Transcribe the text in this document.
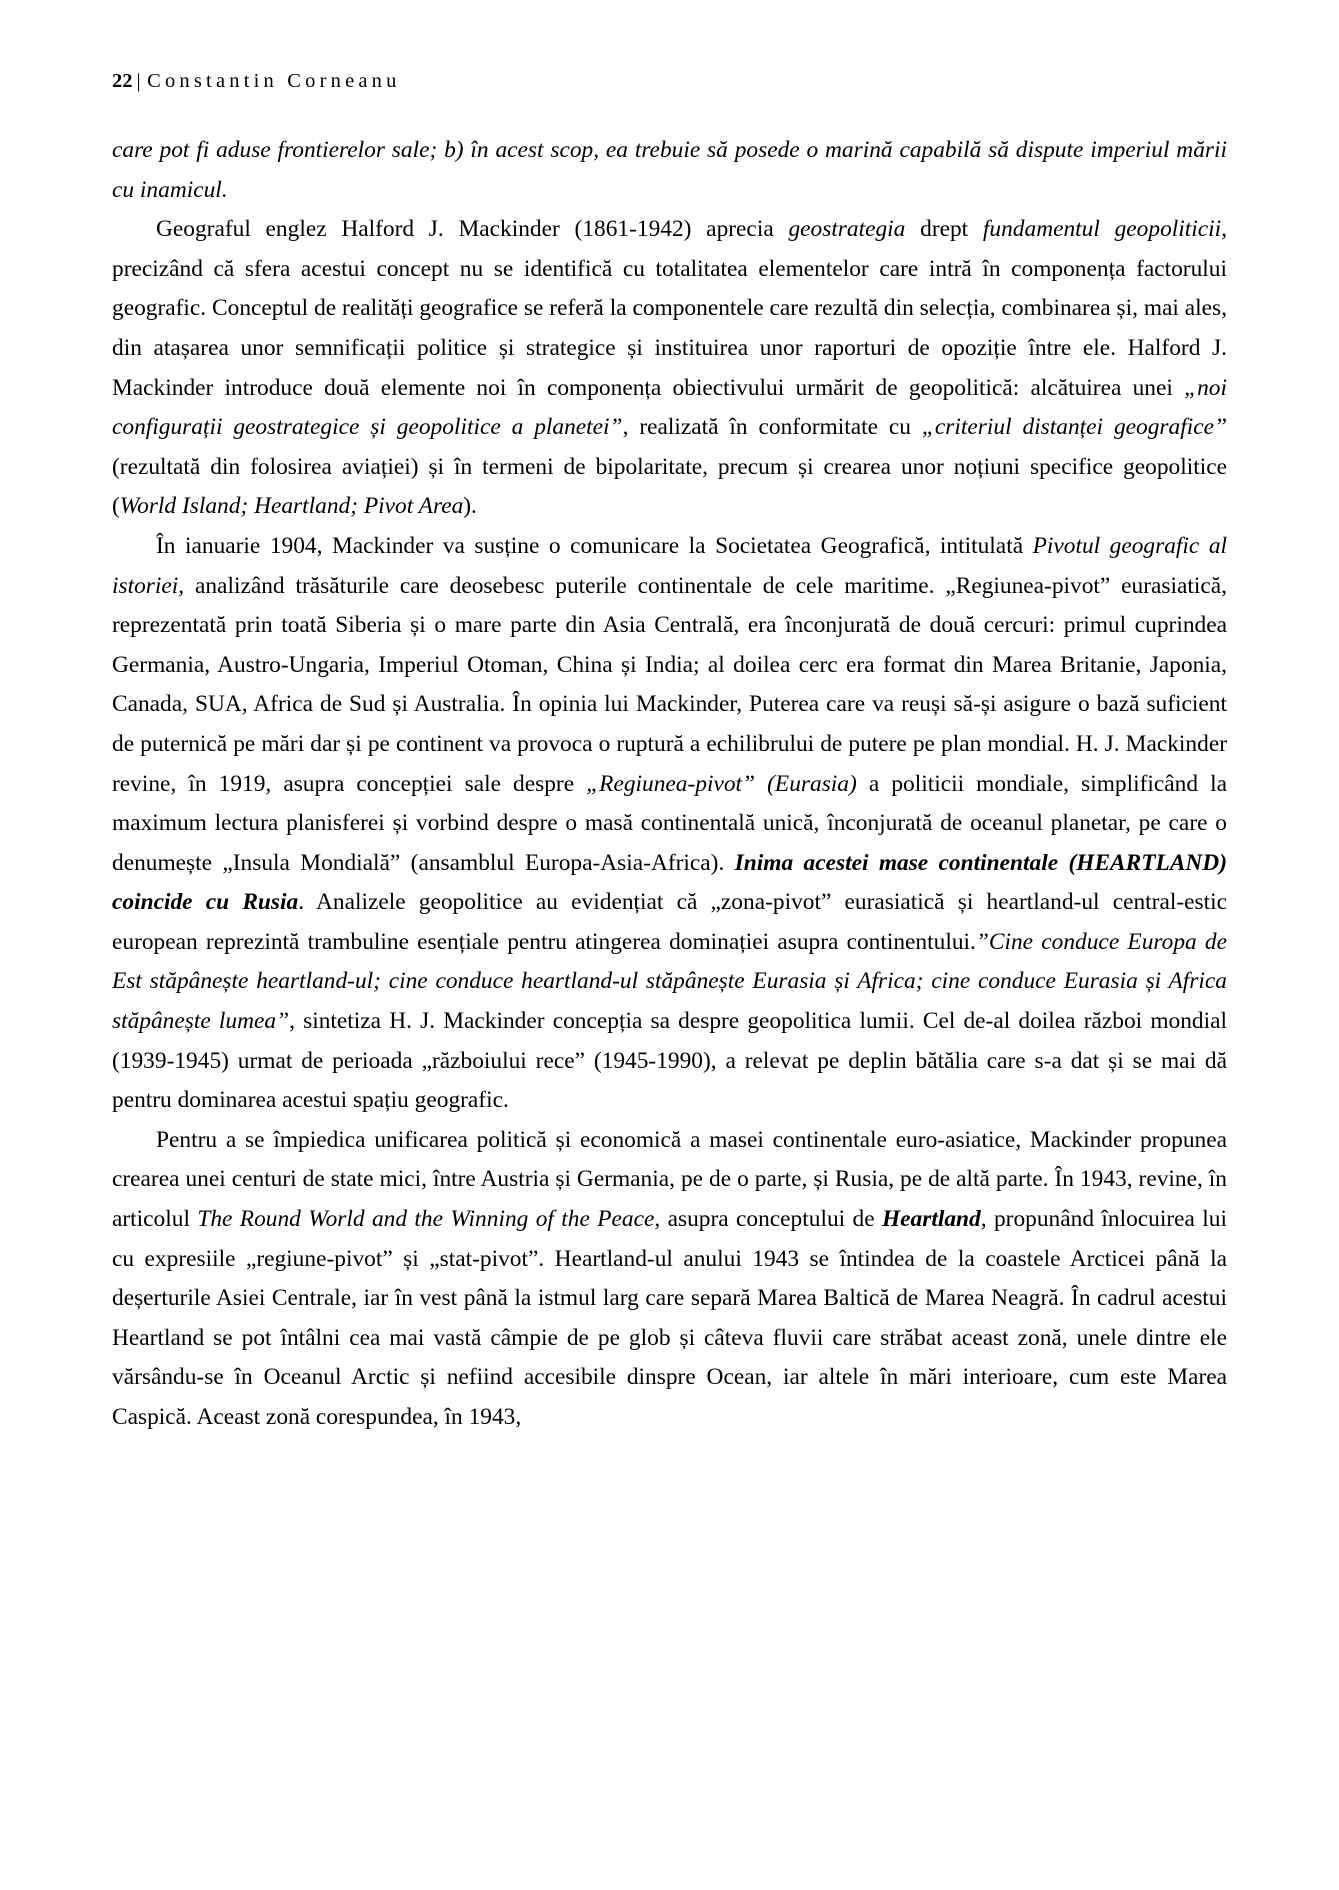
22 | Constantin Corneanu

care pot fi aduse frontierelor sale; b) în acest scop, ea trebuie să posede o marină capabilă să dispute imperiul mării cu inamicul.

Geograful englez Halford J. Mackinder (1861-1942) aprecia geostrategia drept fundamentul geopoliticii, precizând că sfera acestui concept nu se identifică cu totalitatea elementelor care intră în componența factorului geografic. Conceptul de realități geografice se referă la componentele care rezultă din selecția, combinarea și, mai ales, din atașarea unor semnificații politice și strategice și instituirea unor raporturi de opoziție între ele. Halford J. Mackinder introduce două elemente noi în componența obiectivului urmărit de geopolitică: alcătuirea unei „noi configurații geostrategice și geopolitice a planetei”, realizată în conformitate cu „criteriul distanței geografice” (rezultată din folosirea aviației) și în termeni de bipolaritate, precum și crearea unor noțiuni specifice geopolitice (World Island; Heartland; Pivot Area).

În ianuarie 1904, Mackinder va susține o comunicare la Societatea Geografică, intitulată Pivotul geografic al istoriei, analizând trăsăturile care deosebesc puterile continentale de cele maritime. „Regiunea-pivot” eurasiatică, reprezentată prin toată Siberia și o mare parte din Asia Centrală, era înconjurată de două cercuri: primul cuprindea Germania, Austro-Ungaria, Imperiul Otoman, China și India; al doilea cerc era format din Marea Britanie, Japonia, Canada, SUA, Africa de Sud și Australia. În opinia lui Mackinder, Puterea care va reuși să-și asigure o bază suficient de puternică pe mări dar și pe continent va provoca o ruptură a echilibrului de putere pe plan mondial. H. J. Mackinder revine, în 1919, asupra concepției sale despre „Regiunea-pivot” (Eurasia) a politicii mondiale, simplificând la maximum lectura planisferei și vorbind despre o masă continentală unică, înconjurată de oceanul planetar, pe care o denumește „Insula Mondială” (ansamblul Europa-Asia-Africa). Inima acestei mase continentale (HEARTLAND) coincide cu Rusia. Analizele geopolitice au evidențiat că „zona-pivot” eurasiatică și heartland-ul central-estic european reprezintă trambuline esențiale pentru atingerea dominației asupra continentului.”Cine conduce Europa de Est stăpânește heartland-ul; cine conduce heartland-ul stăpânește Eurasia și Africa; cine conduce Eurasia și Africa stăpânește lumea”, sintetiza H. J. Mackinder concepția sa despre geopolitica lumii. Cel de-al doilea război mondial (1939-1945) urmat de perioada „războiului rece” (1945-1990), a relevat pe deplin bătălia care s-a dat și se mai dă pentru dominarea acestui spațiu geografic.

Pentru a se împiedica unificarea politică și economică a masei continentale euro-asiatice, Mackinder propunea crearea unei centuri de state mici, între Austria și Germania, pe de o parte, și Rusia, pe de altă parte. În 1943, revine, în articolul The Round World and the Winning of the Peace, asupra conceptului de Heartland, propunând înlocuirea lui cu expresiile „regiune-pivot” și „stat-pivot”. Heartland-ul anului 1943 se întindea de la coastele Arcticei până la deșerturile Asiei Centrale, iar în vest până la istmul larg care separă Marea Baltică de Marea Neagră. În cadrul acestui Heartland se pot întâlni cea mai vastă câmpie de pe glob și câteva fluvii care străbat aceast zonă, unele dintre ele vărsându-se în Oceanul Arctic și nefiind accesibile dinspre Ocean, iar altele în mări interioare, cum este Marea Caspică. Aceast zonă corespundea, în 1943,
